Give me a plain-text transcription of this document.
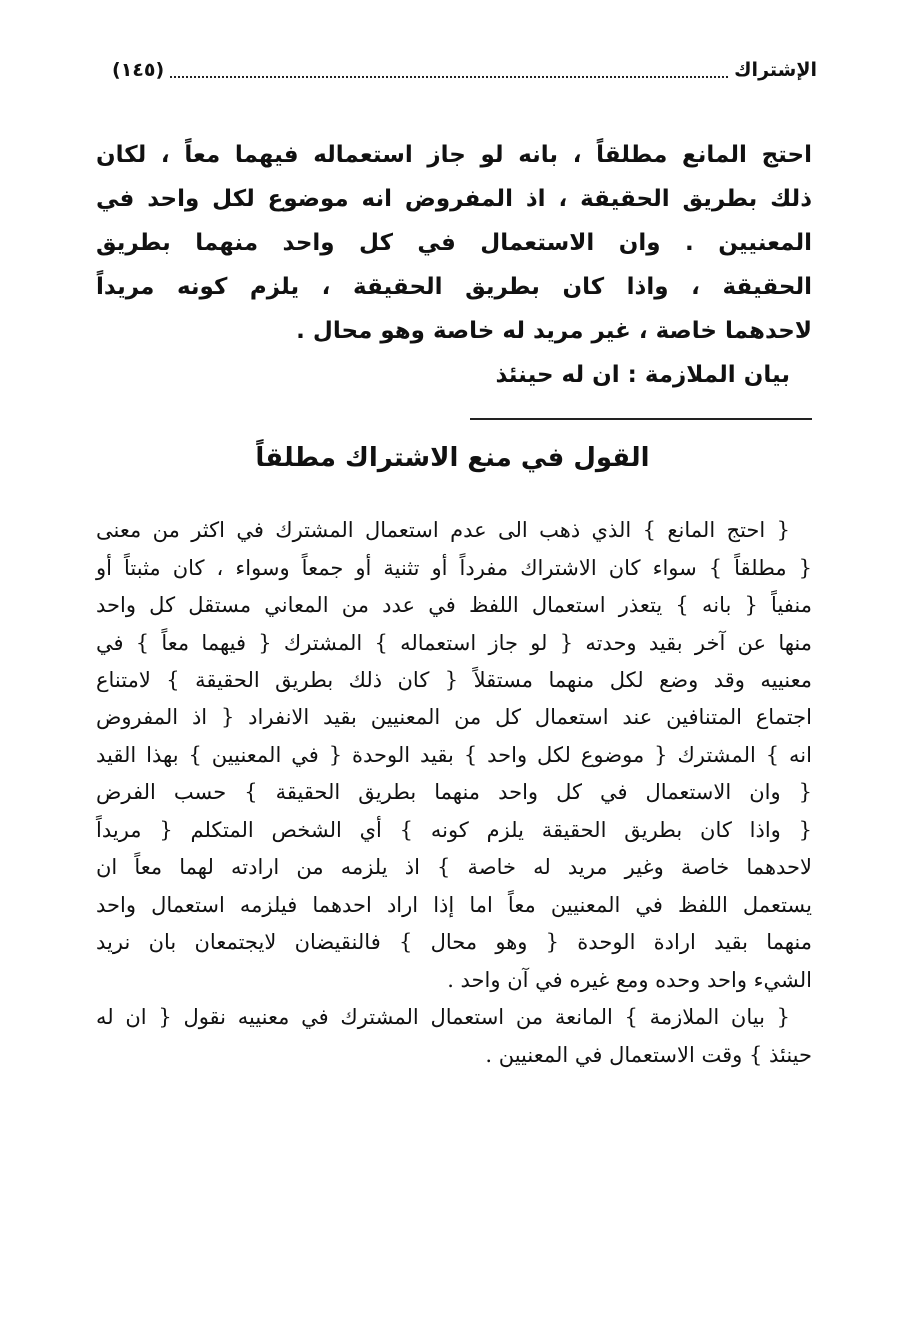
الإشتراك
(١٤٥)
احتج المانع مطلقاً ، بانه لو جاز استعماله فيهما معاً ، لكان
ذلك بطريق الحقيقة ، اذ المفروض انه موضوع لكل واحد في
المعنيين . وان الاستعمال في كل واحد منهما بطريق
الحقيقة ، واذا كان بطريق الحقيقة ، يلزم كونه مريداً
لاحدهما خاصة ، غير مريد له خاصة وهو محال .
بيان الملازمة : ان له حينئذ
القول في منع الاشتراك مطلقاً
{ احتج المانع } الذي ذهب الى عدم استعمال المشترك في اكثر من معنى
{ مطلقاً } سواء كان الاشتراك مفرداً أو تثنية أو جمعاً وسواء ، كان مثبتاً أو
منفياً { بانه } يتعذر استعمال اللفظ في عدد من المعاني مستقل كل واحد
منها عن آخر بقيد وحدته { لو جاز استعماله } المشترك { فيهما معاً } في
معنييه وقد وضع لكل منهما مستقلاً { كان ذلك بطريق الحقيقة } لامتناع
اجتماع المتنافين عند استعمال كل من المعنيين بقيد الانفراد { اذ المفروض
انه } المشترك { موضوع لكل واحد } بقيد الوحدة { في المعنيين } بهذا القيد
{ وان الاستعمال في كل واحد منهما بطريق الحقيقة } حسب الفرض
{ واذا كان بطريق الحقيقة يلزم كونه } أي الشخص المتكلم { مريداً
لاحدهما خاصة وغير مريد له خاصة } اذ يلزمه من ارادته لهما معاً ان
يستعمل اللفظ في المعنيين معاً اما إذا اراد احدهما فيلزمه استعمال واحد
منهما بقيد ارادة الوحدة { وهو محال } فالنقيضان لايجتمعان بان نريد
الشيء واحد وحده ومع غيره في آن واحد .
{ بيان الملازمة } المانعة من استعمال المشترك في معنييه نقول { ان له
حينئذ } وقت الاستعمال في المعنيين .
